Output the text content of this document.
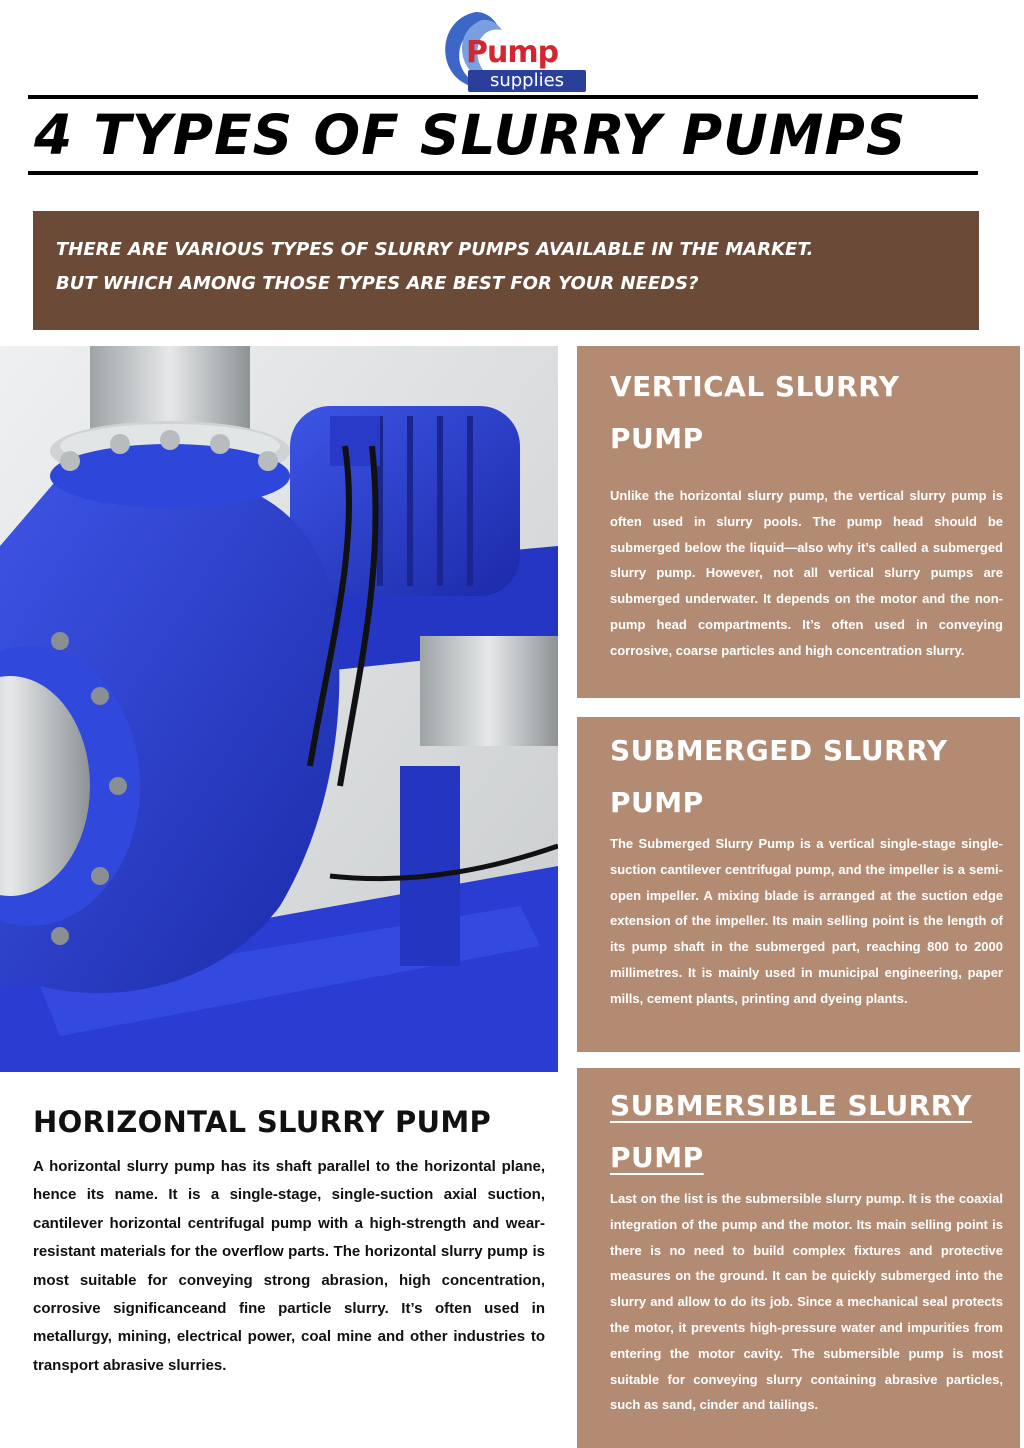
Pump
supplies
4 TYPES OF SLURRY PUMPS
THERE ARE VARIOUS TYPES OF SLURRY PUMPS AVAILABLE IN THE MARKET.
BUT WHICH AMONG THOSE TYPES ARE BEST FOR YOUR NEEDS?
VERTICAL SLURRY PUMP

Unlike the horizontal slurry pump, the vertical slurry pump is often used in slurry pools. The pump head should be submerged below the liquid—also why it’s called a submerged slurry pump. However, not all vertical slurry pumps are submerged underwater. It depends on the motor and the non-pump head compartments. It’s often used in conveying corrosive, coarse particles and high concentration slurry.

SUBMERGED SLURRY PUMP

The Submerged Slurry Pump is a vertical single-stage single-suction cantilever centrifugal pump, and the impeller is a semi-open impeller. A mixing blade is arranged at the suction edge extension of the impeller. Its main selling point is the length of its pump shaft in the submerged part, reaching 800 to 2000 millimetres. It is mainly used in municipal engineering, paper mills, cement plants, printing and dyeing plants.

SUBMERSIBLE SLURRY PUMP

Last on the list is the submersible slurry pump. It is the coaxial integration of the pump and the motor. Its main selling point is there is no need to build complex fixtures and protective measures on the ground. It can be quickly submerged into the slurry and allow to do its job. Since a mechanical seal protects the motor, it prevents high-pressure water and impurities from entering the motor cavity. The submersible pump is most suitable for conveying slurry containing abrasive particles, such as sand, cinder and tailings.

HORIZONTAL SLURRY PUMP

A horizontal slurry pump has its shaft parallel to the horizontal plane, hence its name. It is a single-stage, single-suction axial suction, cantilever horizontal centrifugal pump with a high-strength and wear-resistant materials for the overflow parts. The horizontal slurry pump is most suitable for conveying strong abrasion, high concentration, corrosive significanceand fine particle slurry. It’s often used in metallurgy, mining, electrical power, coal mine and other industries to transport abrasive slurries.
